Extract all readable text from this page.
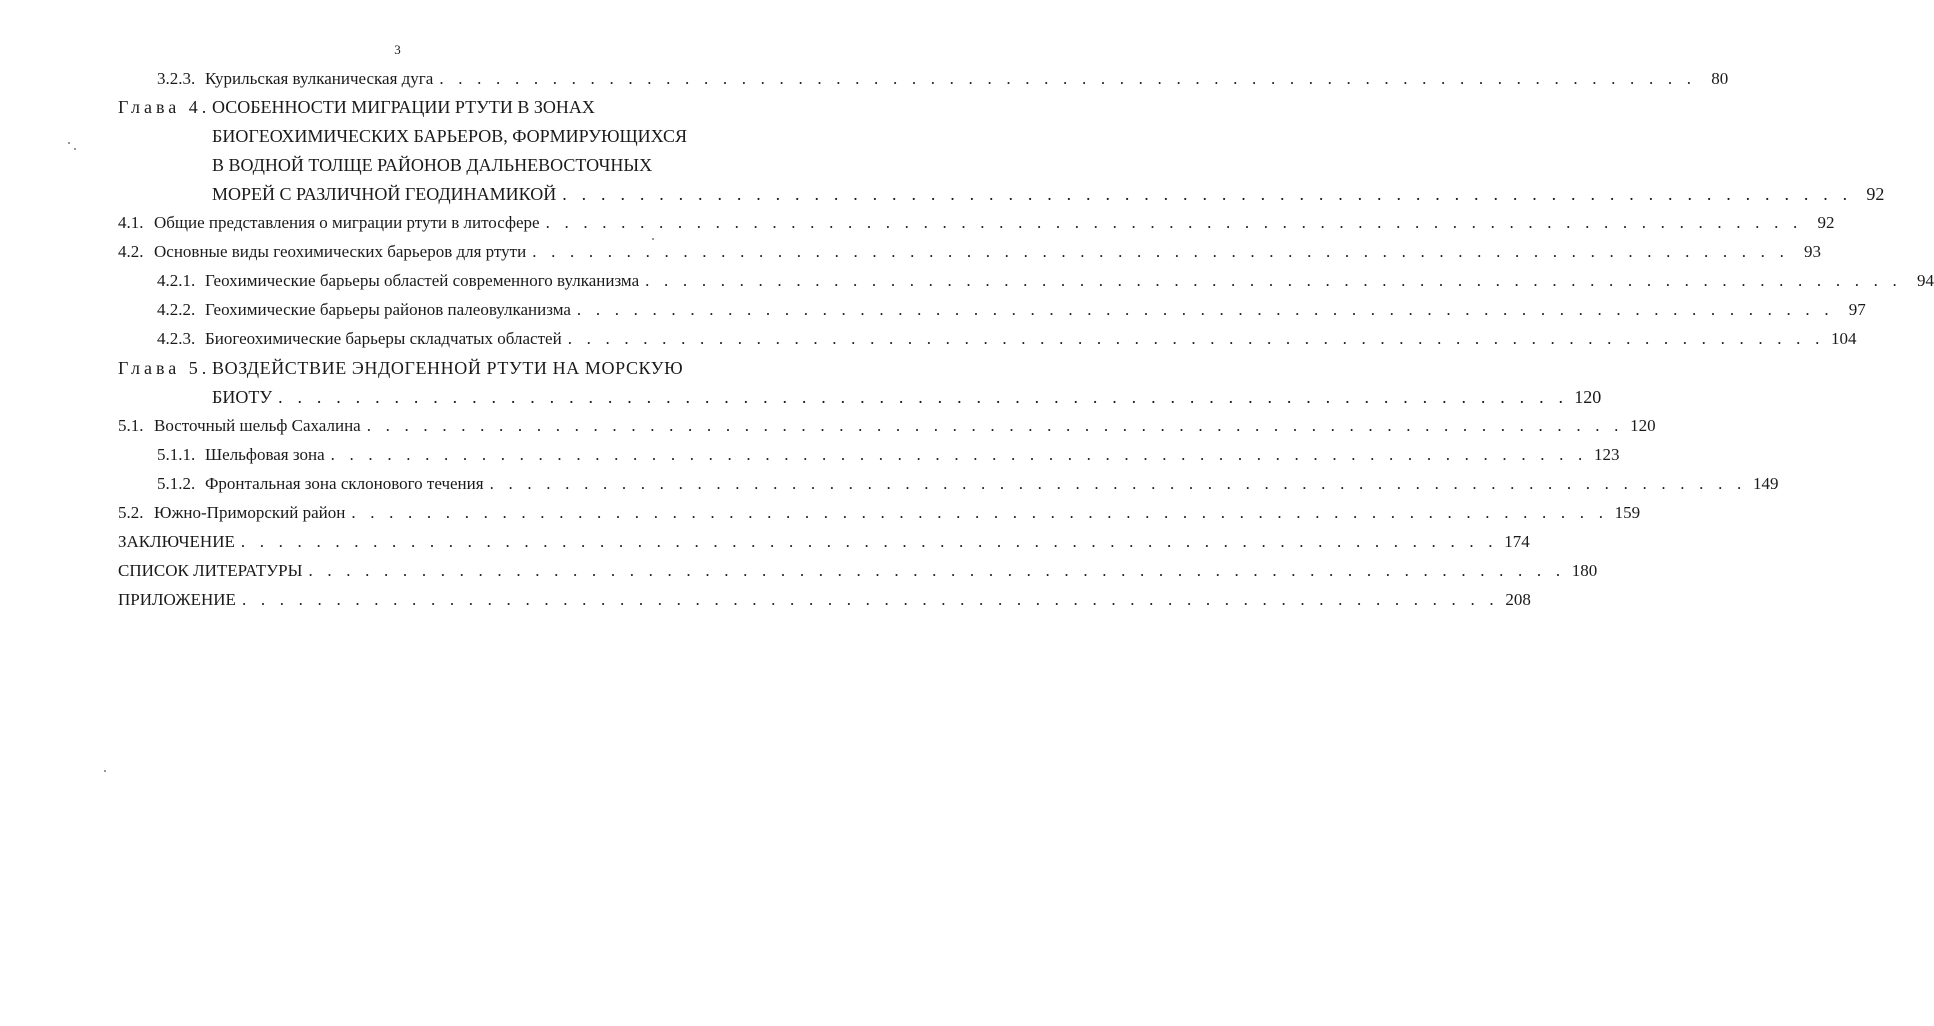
3
3.2.3. Курильская вулканическая дуга . . . . . . . . . . . . . . . . . . . . . . . . . . . . . . . . . . . . . . . . . . . . . . . . . . . . . . . . . . . . . . . . . . . 80
Глава 4. ОСОБЕННОСТИ МИГРАЦИИ РТУТИ В ЗОНАХ
БИОГЕОХИМИЧЕСКИХ БАРЬЕРОВ, ФОРМИРУЮЩИХСЯ
В ВОДНОЙ ТОЛЩЕ РАЙОНОВ ДАЛЬНЕВОСТОЧНЫХ
МОРЕЙ С РАЗЛИЧНОЙ ГЕОДИНАМИКОЙ . . . . . . . . . . . . . . . . . . . . . . . . . . . . . . . . . . . . . . . . . . . . . . . . . . . . . . . . . . . . . . . . . . . 92
4.1. Общие представления о миграции ртути в литосфере . . . . . . . . . . . . . . . . . . . . . . . . . . . . . . . . . . . . . . . . . . . . . . . . . . . . . . . . . . . . . . . . . . . 92
4.2. Основные виды геохимических барьеров для ртути . . . . . . . . . . . . . . . . . . . . . . . . . . . . . . . . . . . . . . . . . . . . . . . . . . . . . . . . . . . . . . . . . . . 93
4.2.1. Геохимические барьеры областей современного вулканизма . . . . . . . . . . . . . . . . . . . . . . . . . . . . . . . . . . . . . . . . . . . . . . . . . . . . . . . . . . . . . . . . . . . 94
4.2.2. Геохимические барьеры районов палеовулканизма . . . . . . . . . . . . . . . . . . . . . . . . . . . . . . . . . . . . . . . . . . . . . . . . . . . . . . . . . . . . . . . . . . . 97
4.2.3. Биогеохимические барьеры складчатых областей . . . . . . . . . . . . . . . . . . . . . . . . . . . . . . . . . . . . . . . . . . . . . . . . . . . . . . . . . . . . . . . . . . . 104
Глава 5. ВОЗДЕЙСТВИЕ ЭНДОГЕННОЙ РТУТИ НА МОРСКУЮ
БИОТУ . . . . . . . . . . . . . . . . . . . . . . . . . . . . . . . . . . . . . . . . . . . . . . . . . . . . . . . . . . . . . . . . . . . 120
5.1. Восточный шельф Сахалина . . . . . . . . . . . . . . . . . . . . . . . . . . . . . . . . . . . . . . . . . . . . . . . . . . . . . . . . . . . . . . . . . . . 120
5.1.1. Шельфовая зона . . . . . . . . . . . . . . . . . . . . . . . . . . . . . . . . . . . . . . . . . . . . . . . . . . . . . . . . . . . . . . . . . . . 123
5.1.2. Фронтальная зона склонового течения . . . . . . . . . . . . . . . . . . . . . . . . . . . . . . . . . . . . . . . . . . . . . . . . . . . . . . . . . . . . . . . . . . . 149
5.2. Южно-Приморский район . . . . . . . . . . . . . . . . . . . . . . . . . . . . . . . . . . . . . . . . . . . . . . . . . . . . . . . . . . . . . . . . . . . 159
ЗАКЛЮЧЕНИЕ . . . . . . . . . . . . . . . . . . . . . . . . . . . . . . . . . . . . . . . . . . . . . . . . . . . . . . . . . . . . . . . . . . . 174
СПИСОК ЛИТЕРАТУРЫ . . . . . . . . . . . . . . . . . . . . . . . . . . . . . . . . . . . . . . . . . . . . . . . . . . . . . . . . . . . . . . . . . . . 180
ПРИЛОЖЕНИЕ . . . . . . . . . . . . . . . . . . . . . . . . . . . . . . . . . . . . . . . . . . . . . . . . . . . . . . . . . . . . . . . . . . . 208
